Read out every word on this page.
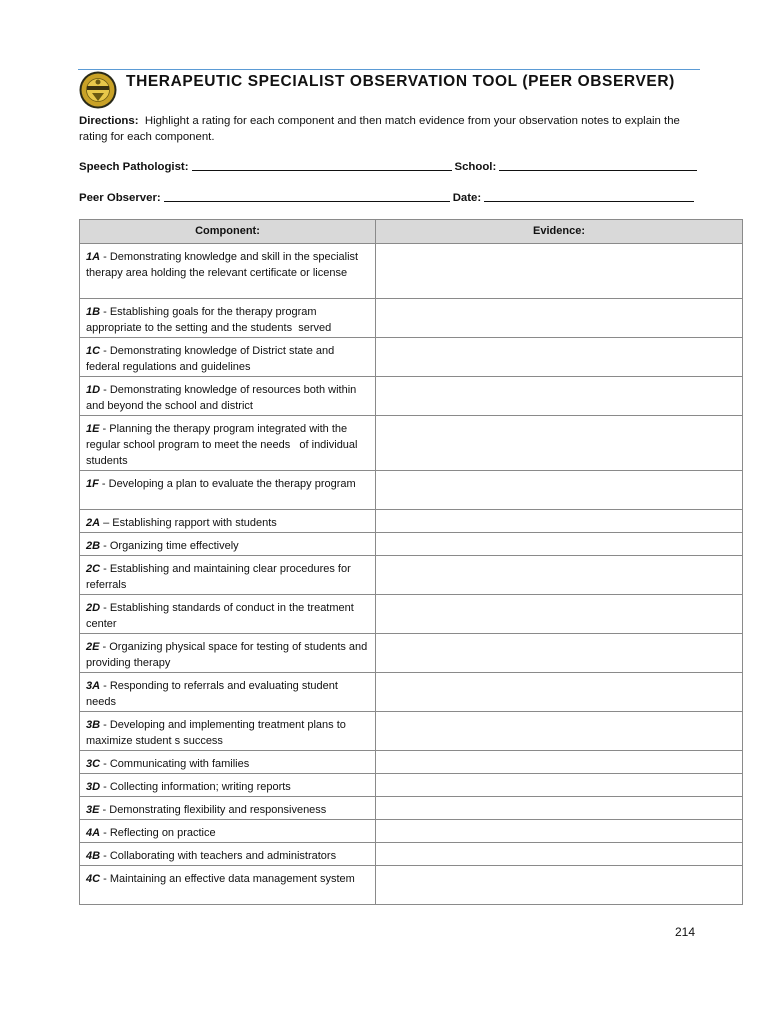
THERAPEUTIC SPECIALIST OBSERVATION TOOL (PEER OBSERVER)
Directions: Highlight a rating for each component and then match evidence from your observation notes to explain the rating for each component.
Speech Pathologist:	School:
Peer Observer:	Date:
Component:	Evidence:
1A - Demonstrating knowledge and skill in the specialist therapy area holding the relevant certificate or license	
1B - Establishing goals for the therapy program appropriate to the setting and the students  served	
1C - Demonstrating knowledge of District state and federal regulations and guidelines	
1D - Demonstrating knowledge of resources both within and beyond the school and district	
1E - Planning the therapy program integrated with the regular school program to meet the needs   of individual students	
1F - Developing a plan to evaluate the therapy program	
2A – Establishing rapport with students	
2B - Organizing time effectively	
2C - Establishing and maintaining clear procedures for referrals	
2D - Establishing standards of conduct in the treatment center	
2E - Organizing physical space for testing of students and providing therapy	
3A - Responding to referrals and evaluating student needs	
3B - Developing and implementing treatment plans to maximize student s success	
3C - Communicating with families	
3D - Collecting information; writing reports	
3E - Demonstrating flexibility and responsiveness	
4A - Reflecting on practice	
4B - Collaborating with teachers and administrators	
4C - Maintaining an effective data management system	
214
